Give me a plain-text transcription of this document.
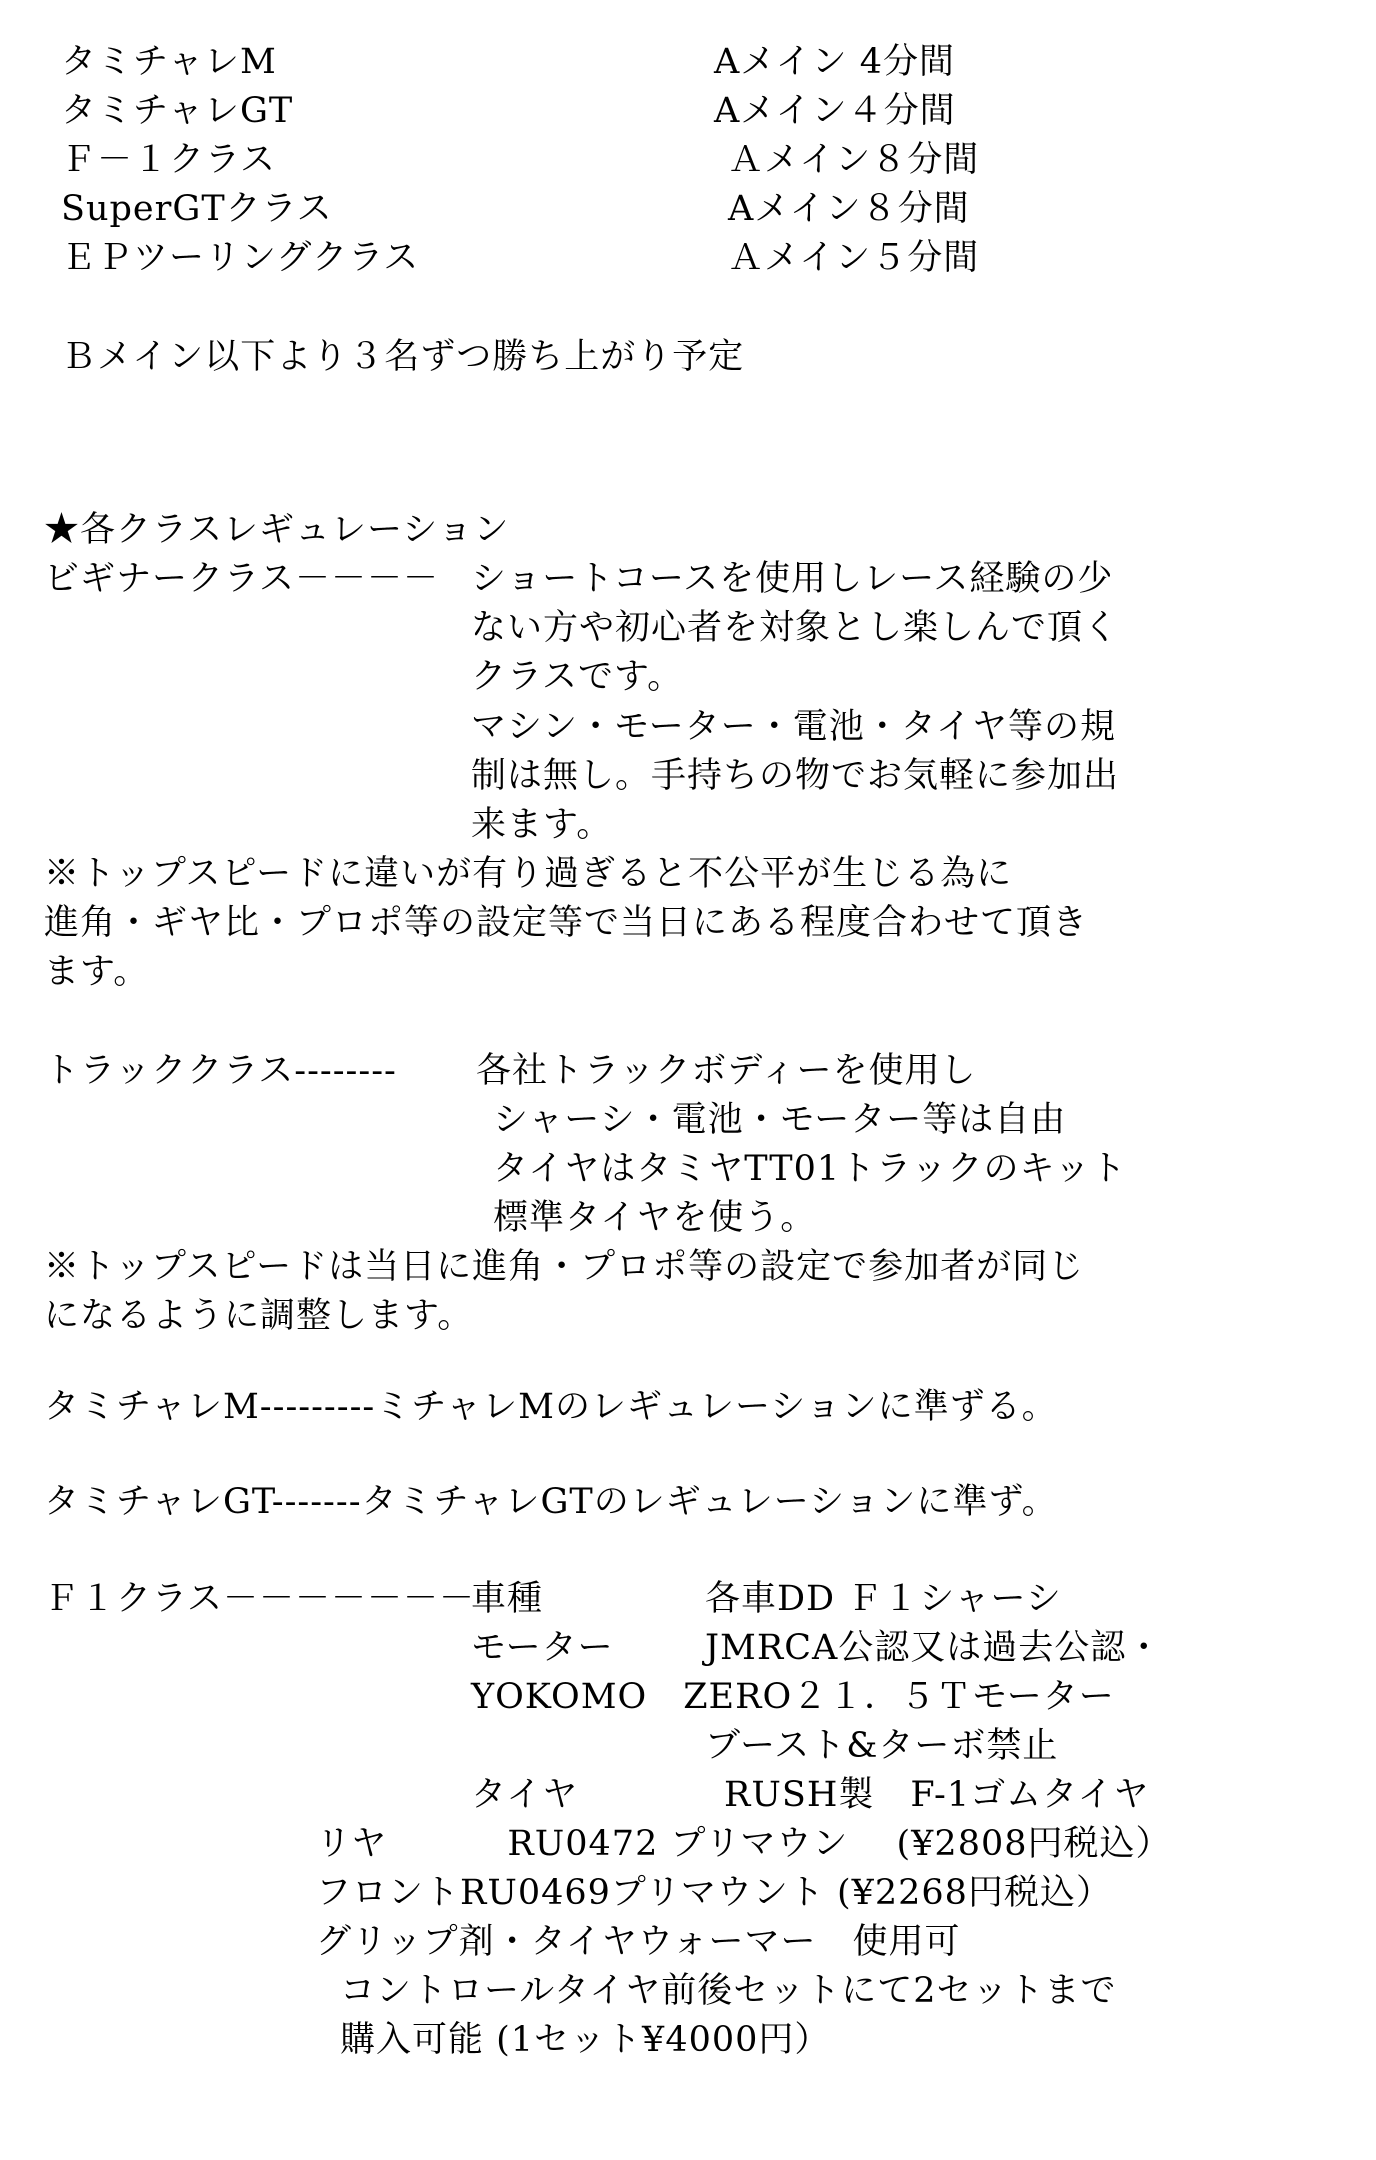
タミチャレM	Aメイン 4分間
タミチャレGT	Aメイン４分間
Ｆ－１クラス	Ａメイン８分間
SuperGTクラス	Aメイン８分間
ＥＰツーリングクラス	Ａメイン５分間
Ｂメイン以下より３名ずつ勝ち上がり予定
★各クラスレギュレーション
ビギナークラス－－－－ ショートコースを使用しレース経験の少
ない方や初心者を対象とし楽しんで頂く
クラスです。
マシン・モーター・電池・タイヤ等の規
制は無し。手持ちの物でお気軽に参加出
来ます。
※トップスピードに違いが有り過ぎると不公平が生じる為に
進角・ギヤ比・プロポ等の設定等で当日にある程度合わせて頂き
ます。
トラッククラス-------- 各社トラックボディーを使用し
シャーシ・電池・モーター等は自由
タイヤはタミヤTT01トラックのキット
標準タイヤを使う。
※トップスピードは当日に進角・プロポ等の設定で参加者が同じ
になるように調整します。
タミチャレM---------ミチャレMのレギュレーションに準ずる。
タミチャレGT-------タミチャレGTのレギュレーションに準ず。
Ｆ１クラス－－－－－－－
車種	各車DD Ｆ１シャーシ
モーター	JMRCA公認又は過去公認・
YOKOMO　ZERO２１．５Ｔモーター
ブースト&ターボ禁止
タイヤ	RUSH製　F-1ゴムタイヤ
リヤ　　　 RU0472 プリマウン　 (¥2808円税込）
フロントRU0469プリマウント (¥2268円税込）
グリップ剤・タイヤウォーマー　使用可
コントロールタイヤ前後セットにて2セットまで
購入可能 (1セット¥4000円）
